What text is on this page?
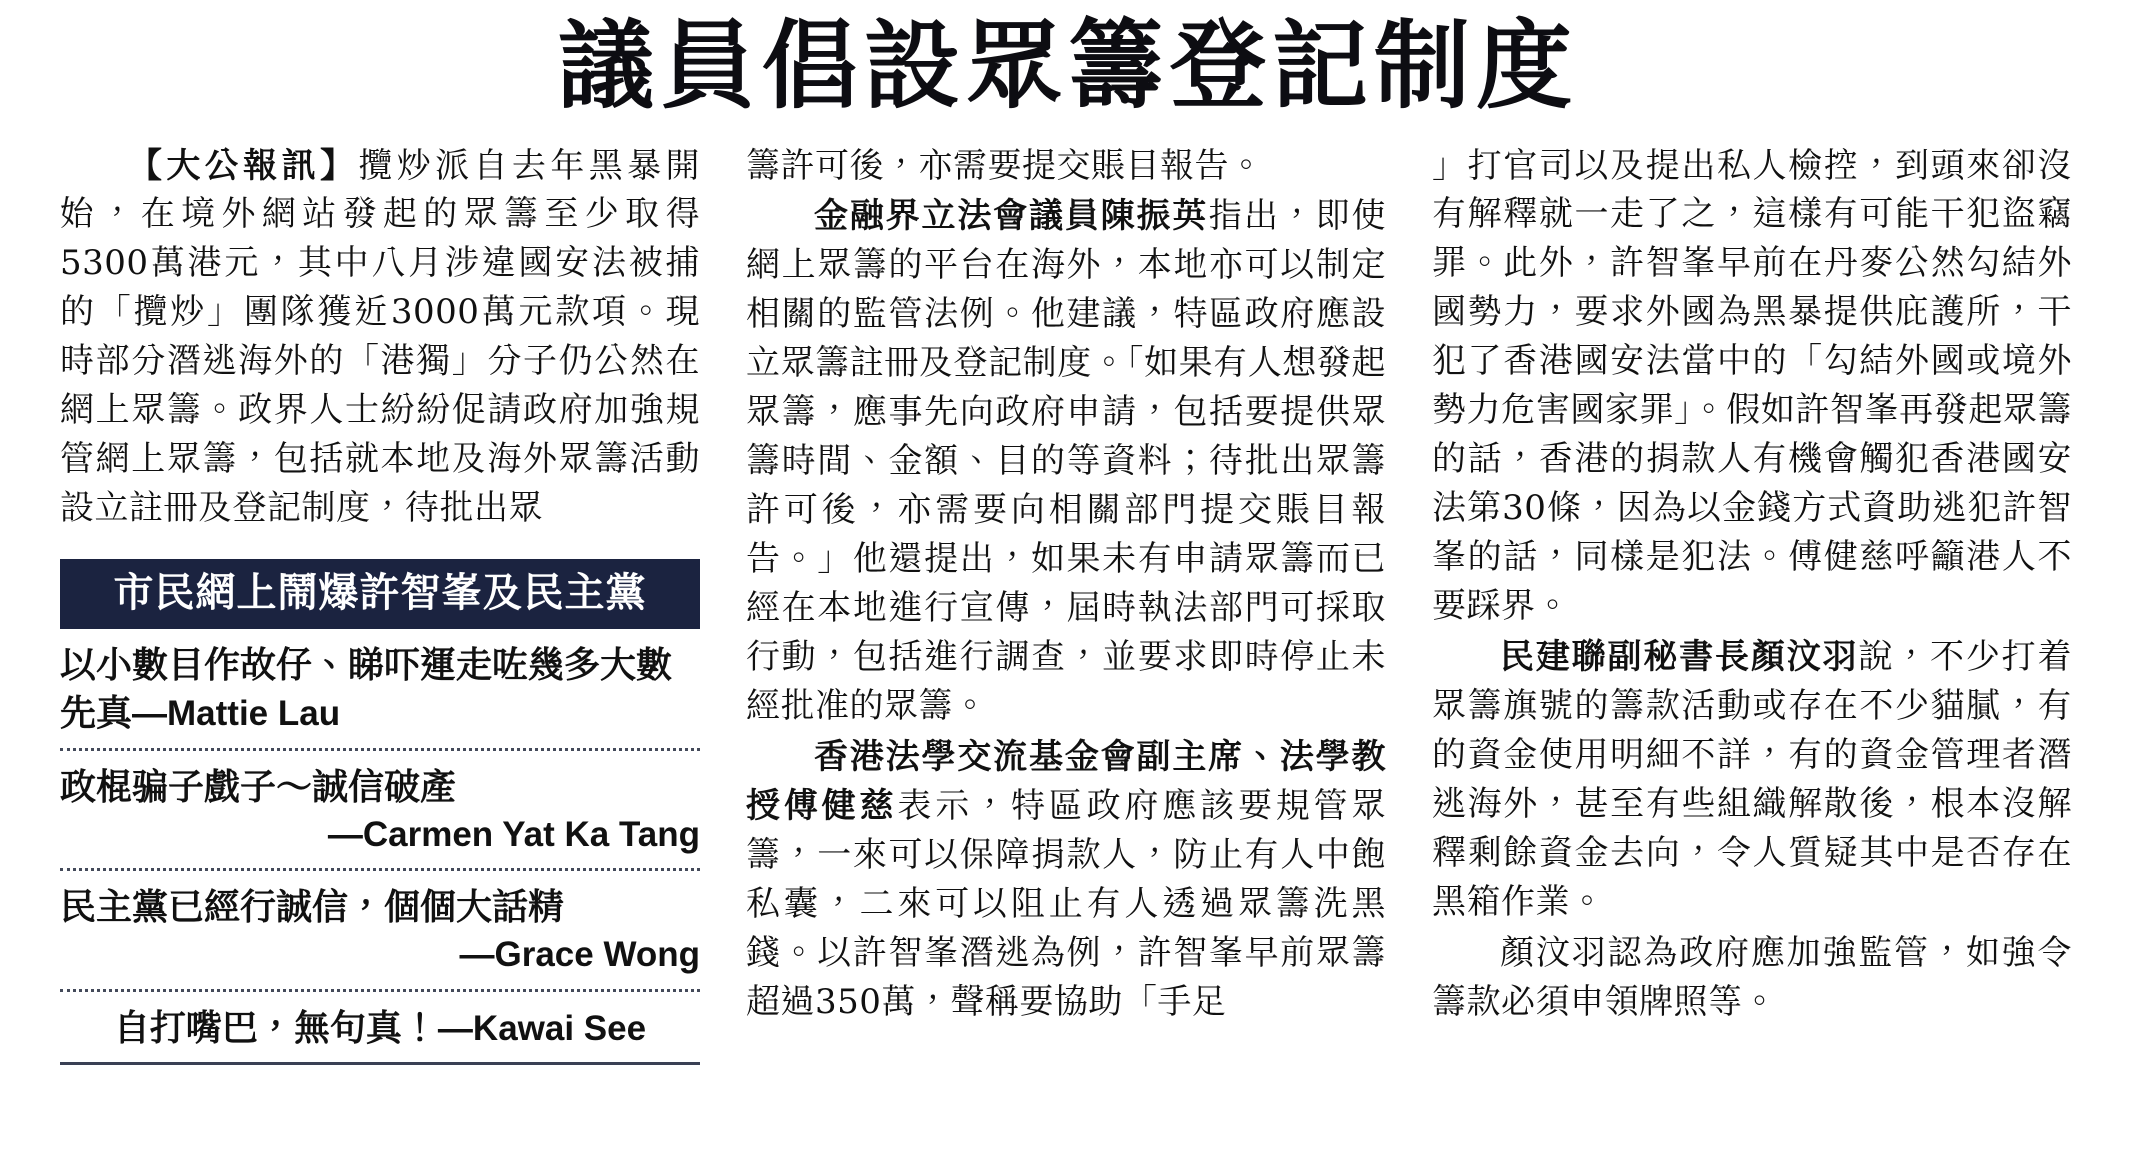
議員倡設眾籌登記制度

【大公報訊】攬炒派自去年黑暴開始，在境外網站發起的眾籌至少取得5300萬港元，其中八月涉違國安法被捕的「攬炒」團隊獲近3000萬元款項。現時部分潛逃海外的「港獨」分子仍公然在網上眾籌。政界人士紛紛促請政府加強規管網上眾籌，包括就本地及海外眾籌活動設立註冊及登記制度，待批出眾

市民網上鬧爆許智峯及民主黨
以小數目作故仔、睇吓運走咗幾多大數先真—Mattie Lau
政棍骗子戲子～誠信破產
—Carmen Yat Ka Tang
民主黨已經行誠信，個個大話精
—Grace Wong
自打嘴巴，無句真！—Kawai See

籌許可後，亦需要提交賬目報告。

金融界立法會議員陳振英指出，即使網上眾籌的平台在海外，本地亦可以制定相關的監管法例。他建議，特區政府應設立眾籌註冊及登記制度。「如果有人想發起眾籌，應事先向政府申請，包括要提供眾籌時間、金額、目的等資料；待批出眾籌許可後，亦需要向相關部門提交賬目報告。」他還提出，如果未有申請眾籌而已經在本地進行宣傳，屆時執法部門可採取行動，包括進行調查，並要求即時停止未經批准的眾籌。

香港法學交流基金會副主席、法學教授傅健慈表示，特區政府應該要規管眾籌，一來可以保障捐款人，防止有人中飽私囊，二來可以阻止有人透過眾籌洗黑錢。以許智峯潛逃為例，許智峯早前眾籌超過350萬，聲稱要協助「手足

」打官司以及提出私人檢控，到頭來卻沒有解釋就一走了之，這樣有可能干犯盜竊罪。此外，許智峯早前在丹麥公然勾結外國勢力，要求外國為黑暴提供庇護所，干犯了香港國安法當中的「勾結外國或境外勢力危害國家罪」。假如許智峯再發起眾籌的話，香港的捐款人有機會觸犯香港國安法第30條，因為以金錢方式資助逃犯許智峯的話，同樣是犯法。傅健慈呼籲港人不要踩界。

民建聯副秘書長顏汶羽說，不少打着眾籌旗號的籌款活動或存在不少貓膩，有的資金使用明細不詳，有的資金管理者潛逃海外，甚至有些組織解散後，根本沒解釋剩餘資金去向，令人質疑其中是否存在黑箱作業。

顏汶羽認為政府應加強監管，如強令籌款必須申領牌照等。
